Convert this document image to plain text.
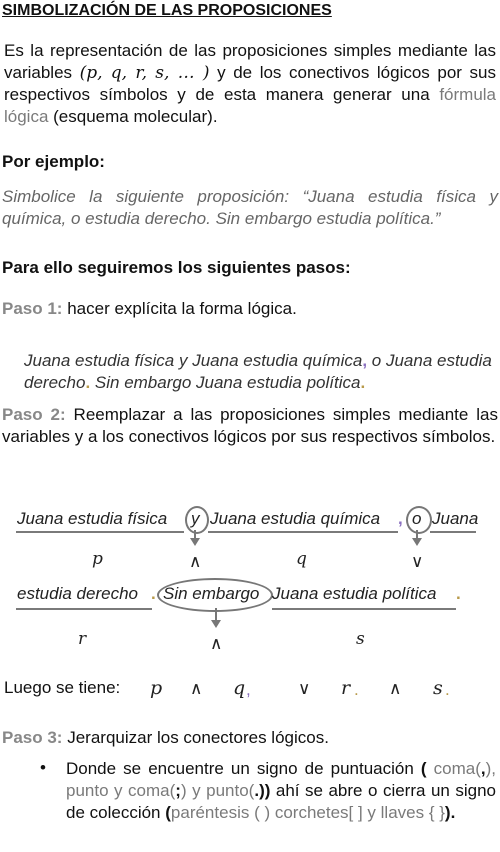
SIMBOLIZACIÓN DE LAS PROPOSICIONES
Es la representación de las proposiciones simples mediante las variables (p, q, r, s, … ) y de los conectivos lógicos por sus respectivos símbolos y de esta manera generar una fórmula lógica (esquema molecular).
Por ejemplo:
Simbolice la siguiente proposición: “Juana estudia física y química, o estudia derecho. Sin embargo estudia política.”
Para ello seguiremos los siguientes pasos:
Paso 1: hacer explícita la forma lógica.
Juana estudia física y Juana estudia química, o Juana estudia derecho. Sin embargo Juana estudia política.
Paso 2: Reemplazar a las proposiciones simples mediante las variables y a los conectivos lógicos por sus respectivos símbolos.
Juana estudia física y Juana estudia química , o Juana
p	∧	q	∨
estudia derecho . Sin embargo Juana estudia política .
r	∧	s
Luego se tiene: p ∧ q ,	∨ r . ∧ s .
Paso 3: Jerarquizar los conectores lógicos.
• Donde se encuentre un signo de puntuación ( coma(,), punto y coma(;) y punto(.)) ahí se abre o cierra un signo de colección (paréntesis ( ) corchetes[ ] y llaves { }).
